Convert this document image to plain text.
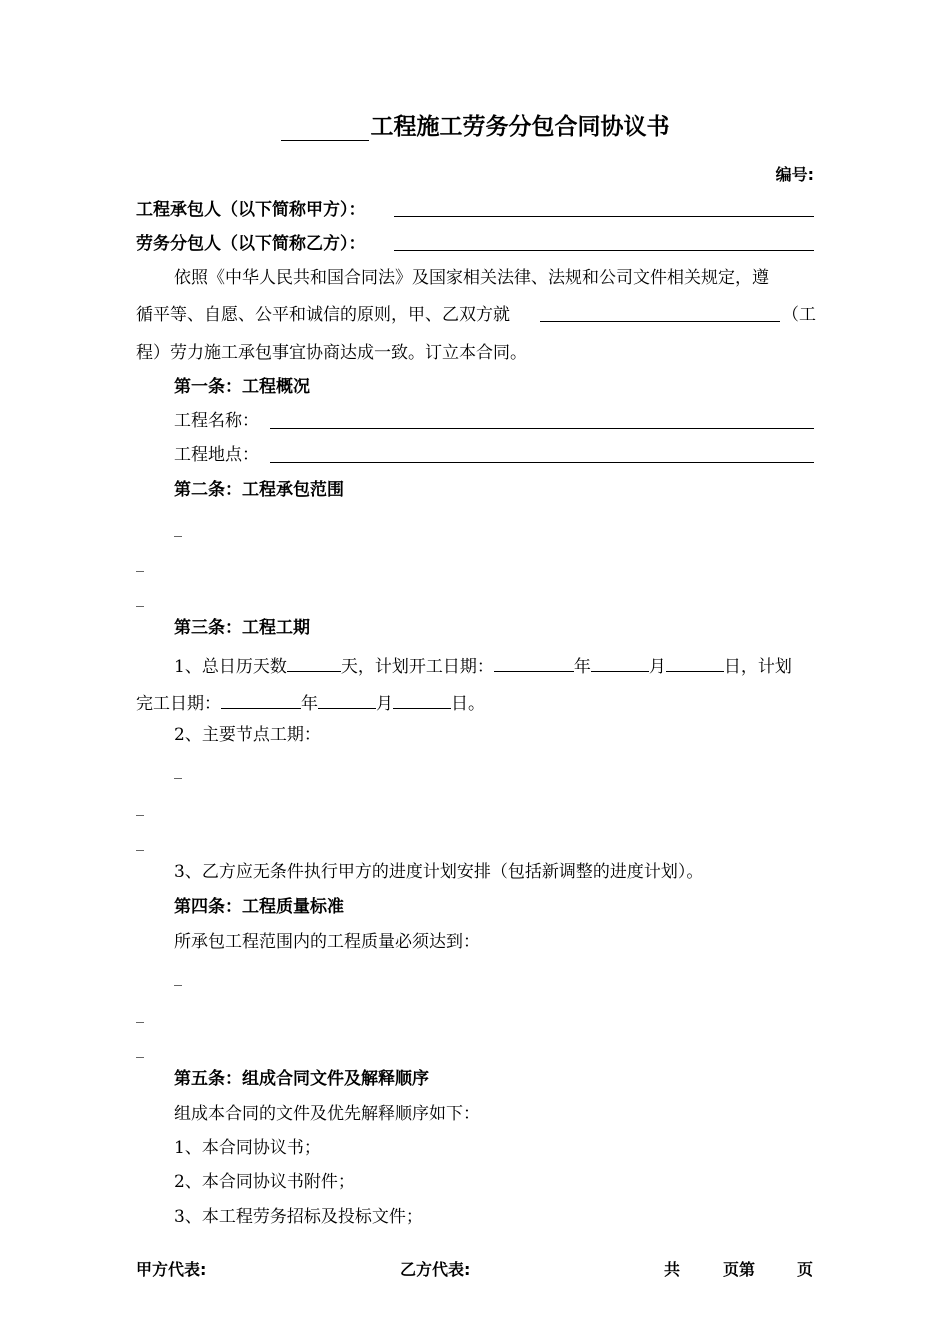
工程施工劳务分包合同协议书
编号:
工程承包人（以下简称甲方）：
劳务分包人（以下简称乙方）：
依照《中华人民共和国合同法》及国家相关法律、法规和公司文件相关规定，遵
循平等、自愿、公平和诚信的原则，甲、乙双方就	（工
程）劳力施工承包事宜协商达成一致。订立本合同。
第一条：工程概况
工程名称：
工程地点：
第二条：工程承包范围
_
_
_
第三条：工程工期
1、总日历天数	天，计划开工日期：	年	月	日，计划
完工日期：	年	月	日。
2、主要节点工期：
_
_
_
3、乙方应无条件执行甲方的进度计划安排（包括新调整的进度计划）。
第四条：工程质量标准
所承包工程范围内的工程质量必须达到：
_
_
_
第五条：组成合同文件及解释顺序
组成本合同的文件及优先解释顺序如下：
1、本合同协议书；
2、本合同协议书附件；
3、本工程劳务招标及投标文件；
甲方代表:	乙方代表:	共	页第	页
